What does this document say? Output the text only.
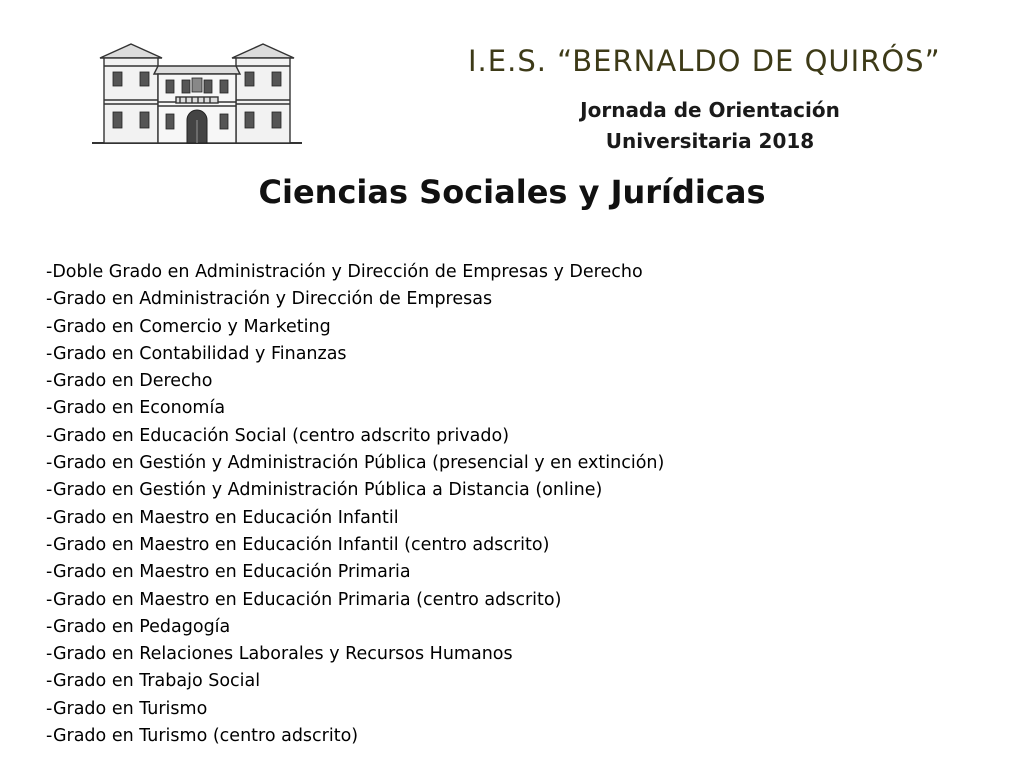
I.E.S. “BERNALDO DE QUIRÓS”
Jornada de Orientación
Universitaria 2018
Ciencias Sociales y Jurídicas
-Doble Grado en Administración y Dirección de Empresas y Derecho
-Grado en Administración y Dirección de Empresas
-Grado en Comercio y Marketing
-Grado en Contabilidad y Finanzas
-Grado en Derecho
-Grado en Economía
-Grado en Educación Social (centro adscrito privado)
-Grado en Gestión y Administración Pública (presencial y en extinción)
-Grado en Gestión y Administración Pública a Distancia (online)
-Grado en Maestro en Educación Infantil
-Grado en Maestro en Educación Infantil (centro adscrito)
-Grado en Maestro en Educación Primaria
-Grado en Maestro en Educación Primaria (centro adscrito)
-Grado en Pedagogía
-Grado en Relaciones Laborales y Recursos Humanos
-Grado en Trabajo Social
-Grado en Turismo
-Grado en Turismo (centro adscrito)
